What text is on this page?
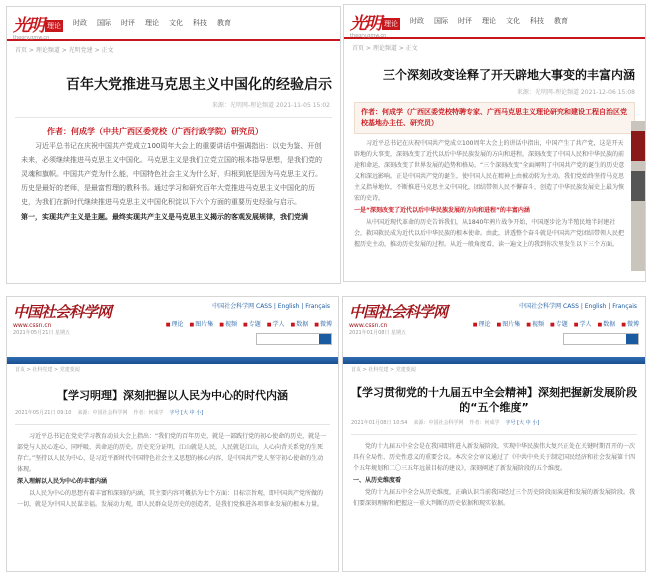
光明 理论 时政 国际 时评 理论 文化 科技 教育
theory.gmw.cn
首页 > 理论频道 > 光明党建 > 正文
百年大党推进马克思主义中国化的经验启示
来源：光明网-理论频道 2021-11-05 15:02
作者：何成学（中共广西区委党校（广西行政学院）研究员）
习近平总书记在庆祝中国共产党成立100周年大会上的重要讲话中强调指出：以史为鉴、开创未来，必须继续推进马克思主义中国化。马克思主义是我们立党立国的根本指导思想，是我们党的灵魂和旗帜。中国共产党为什么能，中国特色社会主义为什么好，归根到底是因为马克思主义行。历史是最好的老师，是最富哲理的教科书。通过学习和研究百年大党推进马克思主义中国化的历史，为我们在新时代继续推进马克思主义中国化积淀以下六个方面的重要历史经验与启示。
第一，实现共产主义是主题。最终实现共产主义是马克思主义揭示的客观发展规律，我们党满
光明 理论 时政 国际 时评 理论 文化 科技 教育
theory.gmw.cn
首页 > 理论频道 > 正文
三个深刻改变诠释了开天辟地大事变的丰富内涵
来源：光明网-理论频道 2021-12-06 15:08
作者：何成学（广西区委党校特聘专家、广西马克思主义理论研究和建设工程自治区党校基地办主任、研究员）
习近平总书记在庆祝中国共产党成立100周年大会上的讲话中指出，中国产生了共产党，这是开天辟地的大事变，深刻改变了近代以后中华民族发展的方向和进程，深刻改变了中国人民和中华民族的前途和命运，深刻改变了世界发展的趋势和格局。“三个深刻改变”全面阐明了中国共产党的诞生的历史意义和深远影响。正是中国共产党的诞生，使中国人民在精神上由被动转为主动。我们党始终坚持马克思主义指导地位，不断推进马克思主义中国化，团结带领人民不懈奋斗，创造了中华民族发展史上最为恢宏的史诗。
一是“深刻改变了近代以后中华民族发展的方向和进程”的丰富内涵
从中国近现代革命的历史告诉我们，从1840年鸦片战争开始，中国逐步沦为半殖民地半封建社会，救国救民成为近代以后中华民族的根本使命。由此，讲透整个奋斗就是中国共产党团结带领人民把握历史主动，推动历史发展的过程。从近一般角度看，读一遍文上的我到你次里发生以下三个方面。
中国社会科学网
www.cssn.cn
2021年05月21日 星期五
中国社会科学网 CASS | English | Français
■ 理论	■ 图片集	■ 视频	■ 专题	■ 学人	■ 数据	■ 微博
首页 > 社科党建 > 党建要闻
【学习明理】深刻把握以人民为中心的时代内涵
2021年05月21日 09:10 来源：中国社会科学网 作者：何成学 字号 [大 中 小]
习近平总书记在党史学习教育动员大会上指出：“我们党的百年历史，就是一部践行党的初心使命的历史，就是一部党与人民心连心、同呼吸、共命运的历史。历史充分证明，江山就是人民，人民就是江山，人心向背关系党的生死存亡。”坚持以人民为中心，是习近平新时代中国特色社会主义思想的核心内容，是中国共产党人坚守初心使命的生动体现。
深入理解以人民为中心的丰富内涵
以人民为中心的思想有着丰富和深刻的内涵，其主要内容可概括为七个方面：目标宗旨观，即中国共产党所做的一切，就是为中国人民谋幸福。发展动力观，即人民群众是历史的创造者，是我们党推进各项事业发展的根本力量。
中国社会科学网
www.cssn.cn
2021年01月08日 星期五
中国社会科学网 CASS | English | Français
■ 理论	■ 图片集	■ 视频	■ 专题	■ 学人	■ 数据	■ 微博
首页 > 社科党建 > 党建要闻
【学习贯彻党的十九届五中全会精神】深刻把握新发展阶段的“五个维度”
2021年01月08日 10:54 来源：中国社会科学网 作者：何成学 字号 [大 中 小]
党的十九届五中全会是在我国即将进入新发展阶段，实现中华民族伟大复兴正处在关键时期召开的一次具有全局性、历史性意义的重要会议。本次全会审议通过了《中共中央关于制定国民经济和社会发展第十四个五年规划和二〇三五年远景目标的建议》，深刻阐述了新发展阶段的五个维度。
一、从历史维度看
党的十九届五中全会从历史维度，正确认识当前我国经过三个历史阶段而演进和发展的新发展阶段。我们要深刻理解和把握这一重大判断的历史依据和现实依据。
